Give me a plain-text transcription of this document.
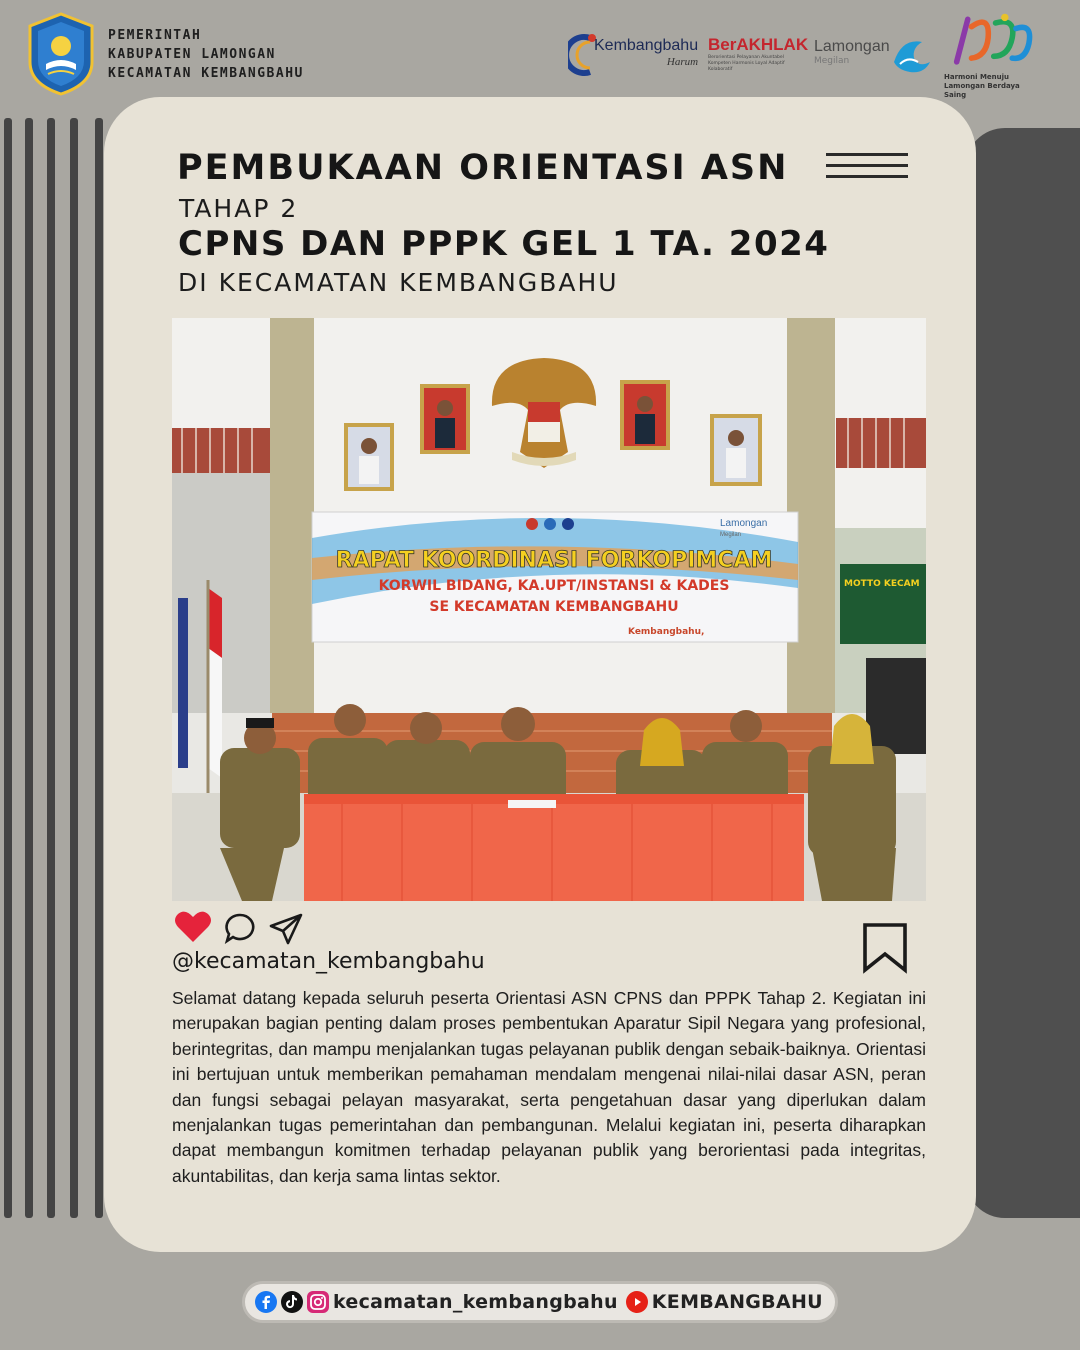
PEMERINTAH
KABUPATEN LAMONGAN
KECAMATAN KEMBANGBAHU
Kembangbahu
Harum
BerAKHLAK
Berorientasi Pelayanan Akuntabel Kompeten Harmonis Loyal Adaptif Kolaboratif
Lamongan
Megilan
Harmoni Menuju Lamongan Berdaya Saing
PEMBUKAAN ORIENTASI ASN
TAHAP 2
CPNS DAN PPPK GEL 1 TA. 2024
DI KECAMATAN KEMBANGBAHU
Lamongan
Megilan
RAPAT KOORDINASI FORKOPIMCAM
KORWIL BIDANG, KA.UPT/INSTANSI & KADES
SE KECAMATAN KEMBANGBAHU
Kembangbahu,
MOTTO KECAM
@kecamatan_kembangbahu
Selamat datang kepada seluruh peserta Orientasi ASN CPNS dan PPPK Tahap 2. Kegiatan ini merupakan bagian penting dalam proses pembentukan Aparatur Sipil Negara yang profesional, berintegritas, dan mampu menjalankan tugas pelayanan publik dengan sebaik-baiknya. Orientasi ini bertujuan untuk memberikan pemahaman mendalam mengenai nilai-nilai dasar ASN, peran dan fungsi sebagai pelayan masyarakat, serta pengetahuan dasar yang diperlukan dalam menjalankan tugas pemerintahan dan pembangunan. Melalui kegiatan ini, peserta diharapkan dapat membangun komitmen terhadap pelayanan publik yang berorientasi pada integritas, akuntabilitas, dan kerja sama lintas sektor.
kecamatan_kembangbahu KEMBANGBAHU
